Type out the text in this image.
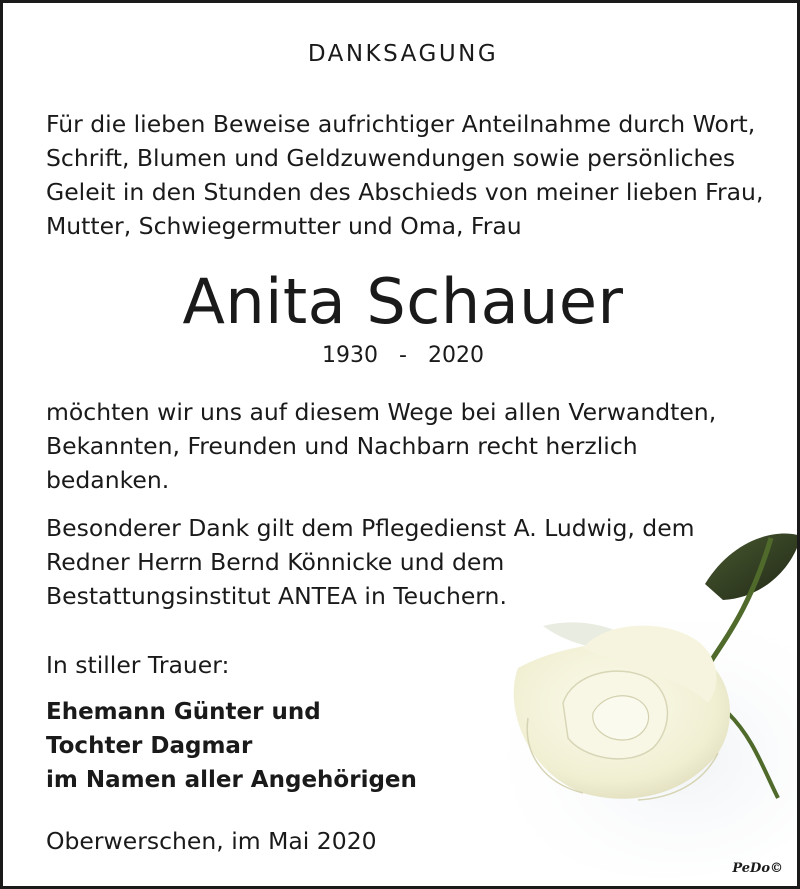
DANKSAGUNG
Für die lieben Beweise aufrichtiger Anteilnahme durch Wort,
Schrift, Blumen und Geldzuwendungen sowie persönliches
Geleit in den Stunden des Abschieds von meiner lieben Frau,
Mutter, Schwiegermutter und Oma, Frau
Anita Schauer
1930 - 2020
möchten wir uns auf diesem Wege bei allen Verwandten,
Bekannten, Freunden und Nachbarn recht herzlich
bedanken.
Besonderer Dank gilt dem Pflegedienst A. Ludwig, dem
Redner Herrn Bernd Könnicke und dem
Bestattungsinstitut ANTEA in Teuchern.
In stiller Trauer:
Ehemann Günter und
Tochter Dagmar
im Namen aller Angehörigen
Oberwerschen, im Mai 2020
PeDo©
